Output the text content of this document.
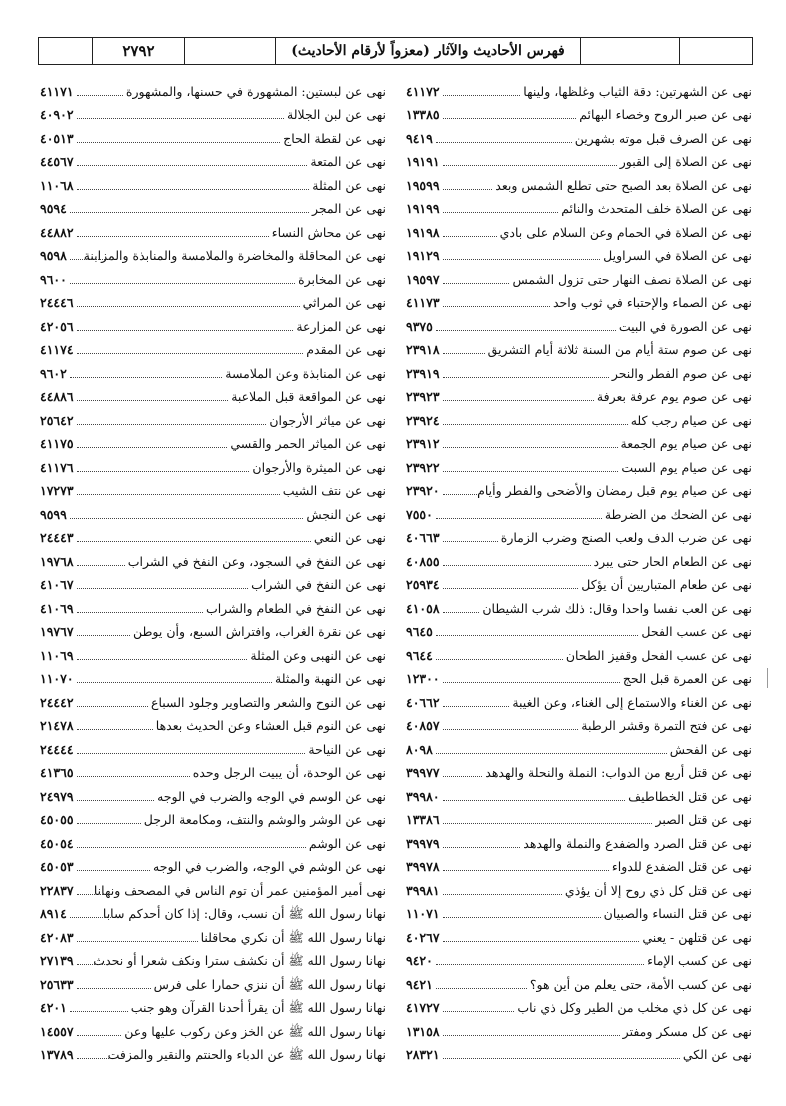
فهرس الأحاديث والآثار (معزواً لأرقام الأحاديث)
٢٧٩٢
نهى عن الشهرتين: دقة الثياب وغلظها، ولينها
٤١١٧٢
نهى عن صبر الروح وخصاء البهائم
١٣٣٨٥
نهى عن الصرف قبل موته بشهرين
٩٤١٩
نهى عن الصلاة إلى القبور
١٩١٩١
نهى عن الصلاة بعد الصبح حتى تطلع الشمس وبعد
١٩٥٩٩
نهى عن الصلاة خلف المتحدث والنائم
١٩١٩٩
نهى عن الصلاة في الحمام وعن السلام على بادي
١٩١٩٨
نهى عن الصلاة في السراويل
١٩١٢٩
نهى عن الصلاة نصف النهار حتى تزول الشمس
١٩٥٩٧
نهى عن الصماء والإحتباء في ثوب واحد
٤١١٧٣
نهى عن الصورة في البيت
٩٣٧٥
نهى عن صوم ستة أيام من السنة ثلاثة أيام التشريق
٢٣٩١٨
نهى عن صوم الفطر والنحر
٢٣٩١٩
نهى عن صوم يوم عرفة بعرفة
٢٣٩٢٣
نهى عن صيام رجب كله
٢٣٩٢٤
نهى عن صيام يوم الجمعة
٢٣٩١٢
نهى عن صيام يوم السبت
٢٣٩٢٢
نهى عن صيام يوم قبل رمضان والأضحى والفطر وأيام
٢٣٩٢٠
نهى عن الضحك من الضرطة
٧٥٥٠
نهى عن ضرب الدف ولعب الصنج وضرب الزمارة
٤٠٦٦٣
نهى عن الطعام الحار حتى يبرد
٤٠٨٥٥
نهى عن طعام المتباريين أن يؤكل
٢٥٩٣٤
نهى عن العب نفسا واحدا وقال: ذلك شرب الشيطان
٤١٠٥٨
نهى عن عسب الفحل
٩٦٤٥
نهى عن عسب الفحل وقفيز الطحان
٩٦٤٤
نهى عن العمرة قبل الحج
١٢٣٠٠
نهى عن الغناء والاستماع إلى الغناء، وعن الغيبة
٤٠٦٦٢
نهى عن فتح التمرة وقشر الرطبة
٤٠٨٥٧
نهى عن الفحش
٨٠٩٨
نهى عن قتل أربع من الدواب: النملة والنحلة والهدهد
٣٩٩٧٧
نهى عن قتل الخطاطيف
٣٩٩٨٠
نهى عن قتل الصبر
١٣٣٨٦
نهى عن قتل الصرد والضفدع والنملة والهدهد
٣٩٩٧٩
نهى عن قتل الضفدع للدواء
٣٩٩٧٨
نهى عن قتل كل ذي روح إلا أن يؤذي
٣٩٩٨١
نهى عن قتل النساء والصبيان
١١٠٧١
نهى عن قتلهن - يعني
٤٠٢٦٧
نهى عن كسب الإماء
٩٤٢٠
نهى عن كسب الأمة، حتى يعلم من أين هو؟
٩٤٢١
نهى عن كل ذي مخلب من الطير وكل ذي ناب
٤١٧٢٧
نهى عن كل مسكر ومفتر
١٣١٥٨
نهى عن الكي
٢٨٣٢١
نهى عن لبستين: المشهورة في حسنها، والمشهورة
٤١١٧١
نهى عن لبن الجلالة
٤٠٩٠٢
نهى عن لقطة الحاج
٤٠٥١٣
نهى عن المتعة
٤٤٥٦٧
نهى عن المثلة
١١٠٦٨
نهى عن المجر
٩٥٩٤
نهى عن محاش النساء
٤٤٨٨٢
نهى عن المحاقلة والمخاضرة والملامسة والمنابذة والمزابنة
٩٥٩٨
نهى عن المخابرة
٩٦٠٠
نهى عن المراثي
٢٤٤٤٦
نهى عن المزارعة
٤٢٠٥٦
نهى عن المقدم
٤١١٧٤
نهى عن المنابذة وعن الملامسة
٩٦٠٢
نهى عن المواقعة قبل الملاعبة
٤٤٨٨٦
نهى عن مياثر الأرجوان
٢٥٦٤٢
نهى عن المياثر الحمر والقسي
٤١١٧٥
نهى عن الميثرة والأرجوان
٤١١٧٦
نهى عن نتف الشيب
١٧٢٧٣
نهى عن النجش
٩٥٩٩
نهى عن النعي
٢٤٤٤٣
نهى عن النفخ في السجود، وعن النفخ في الشراب
١٩٧٦٨
نهى عن النفخ في الشراب
٤١٠٦٧
نهى عن النفخ في الطعام والشراب
٤١٠٦٩
نهى عن نقرة الغراب، وافتراش السبع، وأن يوطن
١٩٧٦٧
نهى عن النهبى وعن المثلة
١١٠٦٩
نهى عن النهبة والمثلة
١١٠٧٠
نهى عن النوح والشعر والتصاوير وجلود السباع
٢٤٤٤٢
نهى عن النوم قبل العشاء وعن الحديث بعدها
٢١٤٧٨
نهى عن النياحة
٢٤٤٤٤
نهى عن الوحدة، أن يبيت الرجل وحده
٤١٣٦٥
نهى عن الوسم في الوجه والضرب في الوجه
٢٤٩٧٩
نهى عن الوشر والوشم والنتف، ومكامعة الرجل
٤٥٠٥٥
نهى عن الوشم
٤٥٠٥٤
نهى عن الوشم في الوجه، والضرب في الوجه
٤٥٠٥٣
نهى أمير المؤمنين عمر أن توم الناس في المصحف ونهانا
٢٢٨٣٧
نهانا رسول الله ﷺ أن نسب، وقال: إذا كان أحدكم سابا
٨٩١٤
نهانا رسول الله ﷺ أن نكري محاقلنا
٤٢٠٨٣
نهانا رسول الله ﷺ أن نكشف سترا ونكف شعرا أو نحدث
٢٧١٣٩
نهانا رسول الله ﷺ أن ننزي حمارا على فرس
٢٥٦٣٣
نهانا رسول الله ﷺ أن يقرأ أحدنا القرآن وهو جنب
٤٢٠١
نهانا رسول الله ﷺ عن الخز وعن ركوب عليها وعن
١٤٥٥٧
نهانا رسول الله ﷺ عن الدباء والحنتم والنقير والمزفت
١٣٧٨٩
